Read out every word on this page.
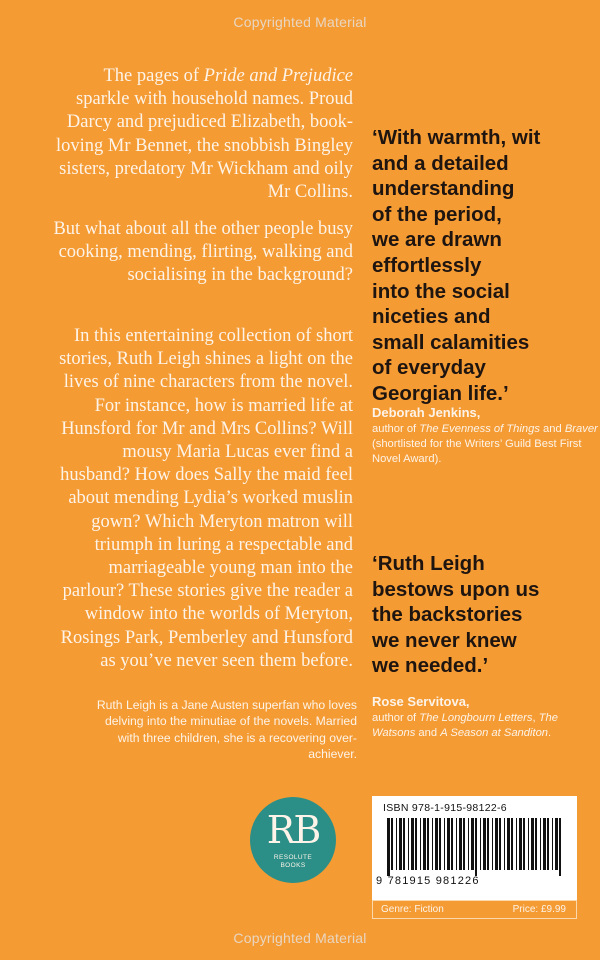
Copyrighted Material

The pages of Pride and Prejudice sparkle with household names. Proud Darcy and prejudiced Elizabeth, book-loving Mr Bennet, the snobbish Bingley sisters, predatory Mr Wickham and oily Mr Collins.

But what about all the other people busy cooking, mending, flirting, walking and socialising in the background?

In this entertaining collection of short stories, Ruth Leigh shines a light on the lives of nine characters from the novel. For instance, how is married life at Hunsford for Mr and Mrs Collins? Will mousy Maria Lucas ever find a husband? How does Sally the maid feel about mending Lydia’s worked muslin gown? Which Meryton matron will triumph in luring a respectable and marriageable young man into the parlour? These stories give the reader a window into the worlds of Meryton, Rosings Park, Pemberley and Hunsford as you’ve never seen them before.

Ruth Leigh is a Jane Austen superfan who loves delving into the minutiae of the novels. Married with three children, she is a recovering over-achiever.
‘With warmth, wit
and a detailed
understanding
of the period,
we are drawn
effortlessly
into the social
niceties and
small calamities
of everyday
Georgian life.’
Deborah Jenkins,
author of The Evenness of Things and Braver (shortlisted for the Writers’ Guild Best First Novel Award).
‘Ruth Leigh
bestows upon us
the backstories
we never knew
we needed.’
Rose Servitova,
author of The Longbourn Letters, The Watsons and A Season at Sanditon.
RB
RESOLUTE
BOOKS
ISBN 978-1-915-98122-6
9 781915 981226
Genre: Fiction	Price: £9.99
Copyrighted Material
